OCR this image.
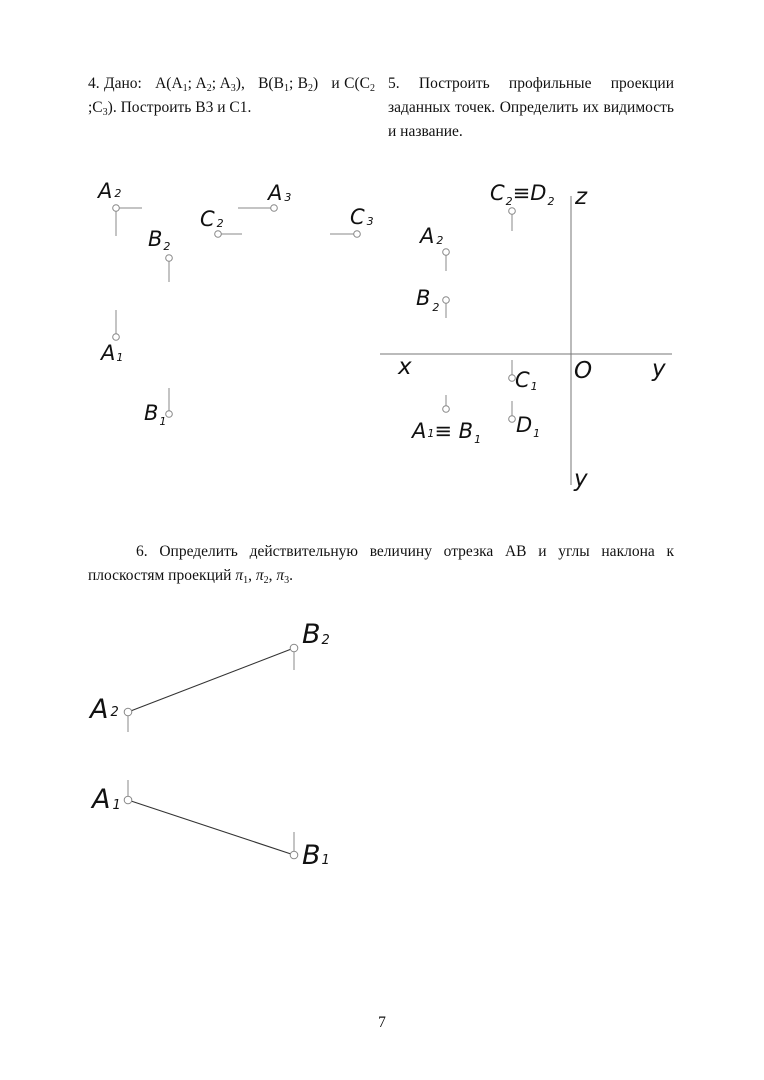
4. Дано: $A(A_1$; $A_2$; $A_3$), $B(B_1$; $B_2$) и $C(C_2$ $;C_3$). Построить B3 и C1.
5. Построить профильные проекции заданных точек. Определить их видимость и название.
6. Определить действительную величину отрезка AB и углы наклона к плоскостям проекций $\pi_1$, $\pi_2$, $\pi_3$.
7
A 2	A 3
C 2	C 3
B2
A1
$B_1$
$C_2\equiv D_2$
A 2
B $_2$
C1
$A1\equiv B_1$
$D_1$
z
x	O	y
y
B2
A 2
A 1
B1
